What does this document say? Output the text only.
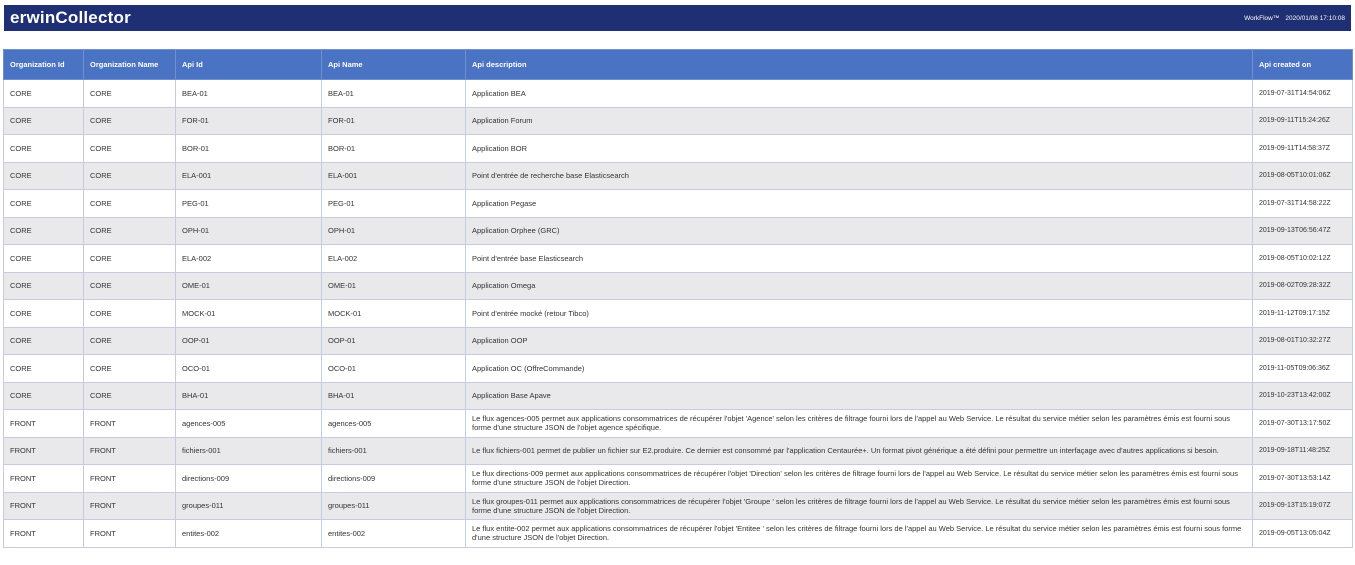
erwinCollector	WorkFlow™ 2020/01/08 17:10:08
Organization Id	Organization Name	Api Id	Api Name	Api description	Api created on
CORE	CORE	BEA-01	BEA-01	Application BEA	2019-07-31T14:54:06Z
CORE	CORE	FOR-01	FOR-01	Application Forum	2019-09-11T15:24:26Z
CORE	CORE	BOR-01	BOR-01	Application BOR	2019-09-11T14:58:37Z
CORE	CORE	ELA-001	ELA-001	Point d'entrée de recherche base Elasticsearch	2019-08-05T10:01:06Z
CORE	CORE	PEG-01	PEG-01	Application Pegase	2019-07-31T14:58:22Z
CORE	CORE	OPH-01	OPH-01	Application Orphee (GRC)	2019-09-13T06:56:47Z
CORE	CORE	ELA-002	ELA-002	Point d'entrée base Elasticsearch	2019-08-05T10:02:12Z
CORE	CORE	OME-01	OME-01	Application Omega	2019-08-02T09:28:32Z
CORE	CORE	MOCK-01	MOCK-01	Point d'entrée mocké (retour Tibco)	2019-11-12T09:17:15Z
CORE	CORE	OOP-01	OOP-01	Application OOP	2019-08-01T10:32:27Z
CORE	CORE	OCO-01	OCO-01	Application OC (OffreCommande)	2019-11-05T09:06:36Z
CORE	CORE	BHA-01	BHA-01	Application Base Apave	2019-10-23T13:42:00Z
FRONT	FRONT	agences-005	agences-005	Le flux agences-005 permet aux applications consommatrices de récupérer l'objet 'Agence' selon les critères de filtrage fourni lors de l'appel au Web Service. Le résultat du service métier selon les paramètres émis est fourni sous forme d'une structure JSON de l'objet agence spécifique.	2019-07-30T13:17:50Z
FRONT	FRONT	fichiers-001	fichiers-001	Le flux fichiers-001 permet de publier un fichier sur E2.produire. Ce dernier est consommé par l'application Centaurée+. Un format pivot générique a été défini pour permettre un interfaçage avec d'autres applications si besoin.	2019-09-18T11:48:25Z
FRONT	FRONT	directions-009	directions-009	Le flux directions-009 permet aux applications consommatrices de récupérer l'objet 'Direction' selon les critères de filtrage fourni lors de l'appel au Web Service. Le résultat du service métier selon les paramètres émis est fourni sous forme d'une structure JSON de l'objet Direction.	2019-07-30T13:53:14Z
FRONT	FRONT	groupes-011	groupes-011	Le flux groupes-011 permet aux applications consommatrices de récupérer l'objet 'Groupe ' selon les critères de filtrage fourni lors de l'appel au Web Service. Le résultat du service métier selon les paramètres émis est fourni sous forme d'une structure JSON de l'objet Direction.	2019-09-13T15:19:07Z
FRONT	FRONT	entites-002	entites-002	Le flux entite-002 permet aux applications consommatrices de récupérer l'objet 'Entitee ' selon les critères de filtrage fourni lors de l'appel au Web Service. Le résultat du service métier selon les paramètres émis est fourni sous forme d'une structure JSON de l'objet Direction.	2019-09-05T13:05:04Z
